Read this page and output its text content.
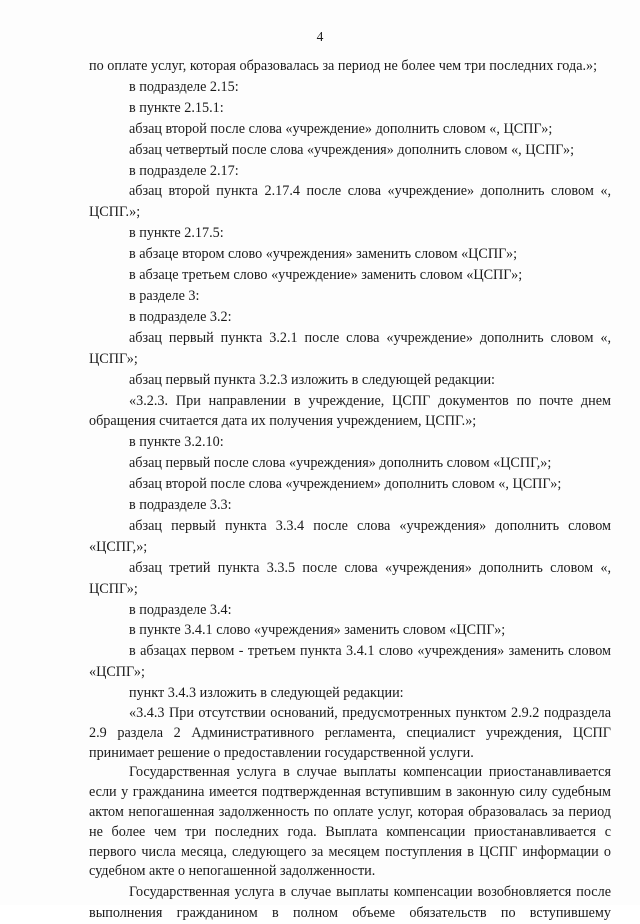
4

по оплате услуг, которая образовалась за период не более чем три последних года.»;

в подразделе 2.15:

в пункте 2.15.1:

абзац второй после слова «учреждение» дополнить словом «, ЦСПГ»;

абзац четвертый после слова «учреждения» дополнить словом «, ЦСПГ»;

в подразделе 2.17:

абзац второй пункта 2.17.4 после слова «учреждение» дополнить словом «, ЦСПГ.»;

в пункте 2.17.5:

в абзаце втором слово «учреждения» заменить словом «ЦСПГ»;

в абзаце третьем слово «учреждение» заменить словом «ЦСПГ»;

в разделе 3:

в подразделе 3.2:

абзац первый пункта 3.2.1 после слова «учреждение» дополнить словом «, ЦСПГ»;

абзац первый пункта 3.2.3 изложить в следующей редакции:

«3.2.3. При направлении в учреждение, ЦСПГ документов по почте днем обращения считается дата их получения учреждением, ЦСПГ.»;

в пункте 3.2.10:

абзац первый после слова «учреждения» дополнить словом «ЦСПГ,»;

абзац второй после слова «учреждением» дополнить словом «, ЦСПГ»;

в подразделе 3.3:

абзац первый пункта 3.3.4 после слова «учреждения» дополнить словом «ЦСПГ,»;

абзац третий пункта 3.3.5 после слова «учреждения» дополнить словом «, ЦСПГ»;

в подразделе 3.4:

в пункте 3.4.1 слово «учреждения» заменить словом «ЦСПГ»;

в абзацах первом - третьем пункта 3.4.1 слово «учреждения» заменить словом «ЦСПГ»;

пункт 3.4.3 изложить в следующей редакции:

«3.4.3 При отсутствии оснований, предусмотренных пунктом 2.9.2 подраздела 2.9 раздела 2 Административного регламента, специалист учреждения, ЦСПГ принимает решение о предоставлении государственной услуги.

Государственная услуга в случае выплаты компенсации приостанавливается если у гражданина имеется подтвержденная вступившим в законную силу судебным актом непогашенная задолженность по оплате услуг, которая образовалась за период не более чем три последних года. Выплата компенсации приостанавливается с первого числа месяца, следующего за месяцем поступления в ЦСПГ информации о судебном акте о непогашенной задолженности.

Государственная услуга в случае выплаты компенсации возобновляется после выполнения гражданином в полном объеме обязательств по вступившему
